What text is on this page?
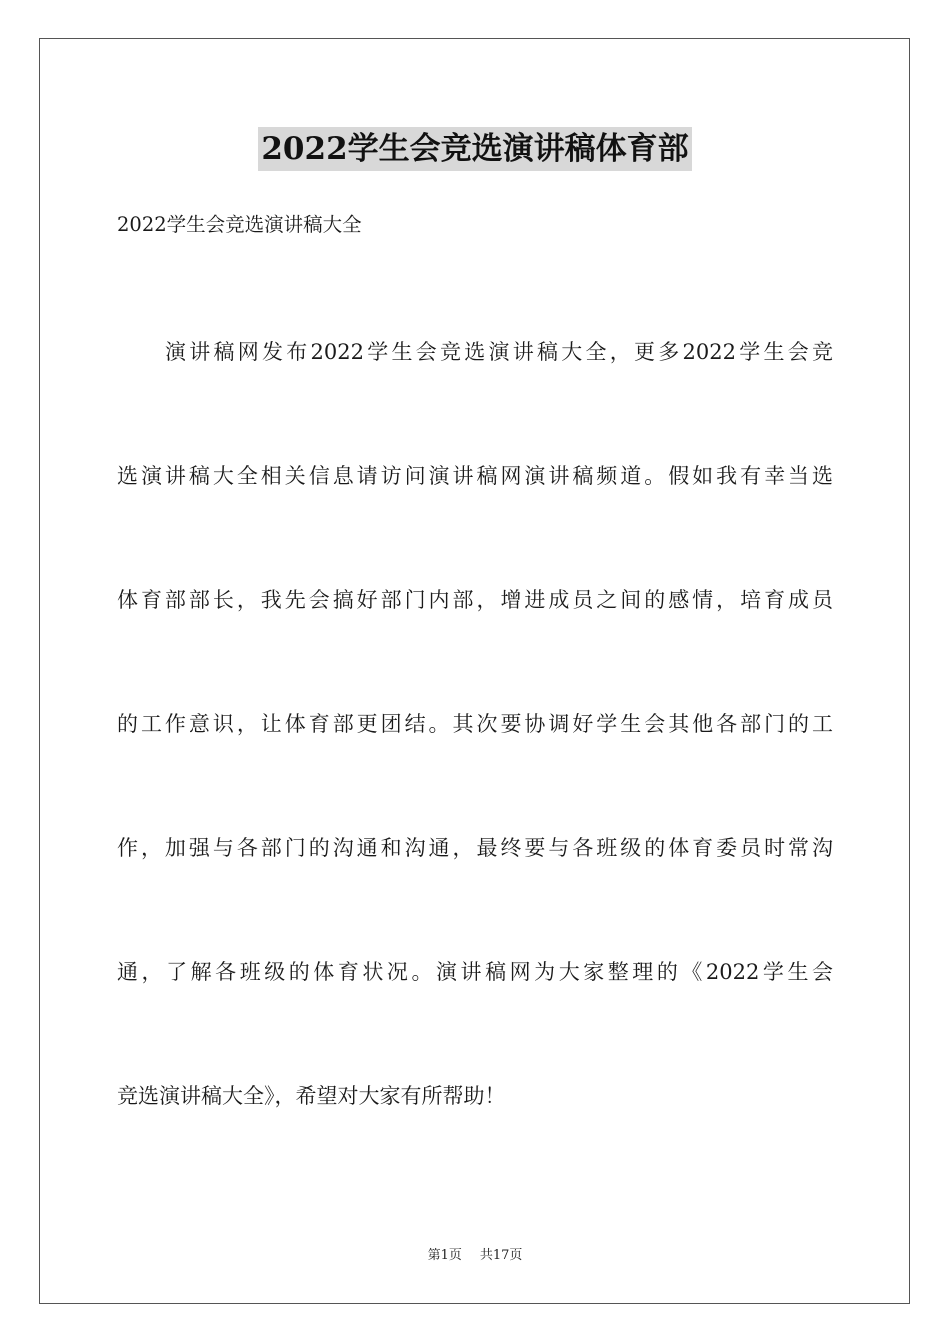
2022学生会竞选演讲稿体育部
2022学生会竞选演讲稿大全
演讲稿网发布2022学生会竞选演讲稿大全，更多2022学生会竞
选演讲稿大全相关信息请访问演讲稿网演讲稿频道。假如我有幸当选
体育部部长，我先会搞好部门内部，增进成员之间的感情，培育成员
的工作意识，让体育部更团结。其次要协调好学生会其他各部门的工
作，加强与各部门的沟通和沟通，最终要与各班级的体育委员时常沟
通，了解各班级的体育状况。演讲稿网为大家整理的《2022学生会
竞选演讲稿大全》，希望对大家有所帮助！
第1页 共17页
